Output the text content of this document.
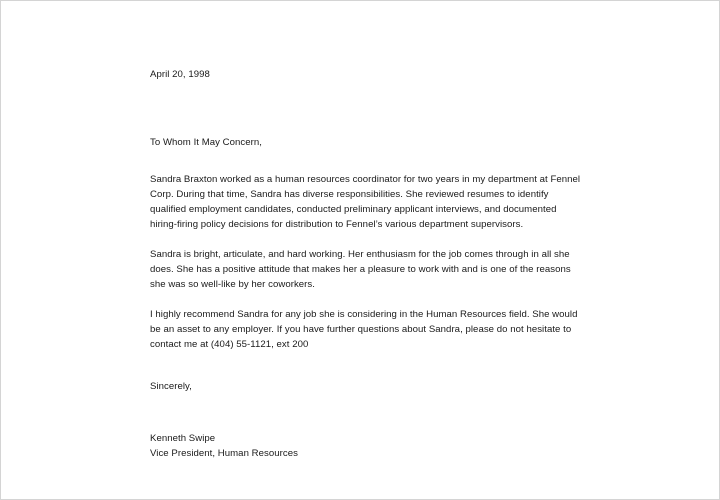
April 20, 1998
To Whom It May Concern,

Sandra Braxton worked as a human resources coordinator for two years in my department at Fennel Corp. During that time, Sandra has diverse responsibilities. She reviewed resumes to identify qualified employment candidates, conducted preliminary applicant interviews, and documented hiring-firing policy decisions for distribution to Fennel’s various department supervisors.

Sandra is bright, articulate, and hard working. Her enthusiasm for the job comes through in all she does. She has a positive attitude that makes her a pleasure to work with and is one of the reasons she was so well-like by her coworkers.

I highly recommend Sandra for any job she is considering in the Human Resources field. She would be an asset to any employer. If you have further questions about Sandra, please do not hesitate to contact me at (404) 55-1121, ext 200

Sincerely,
Kenneth Swipe
Vice President, Human Resources
